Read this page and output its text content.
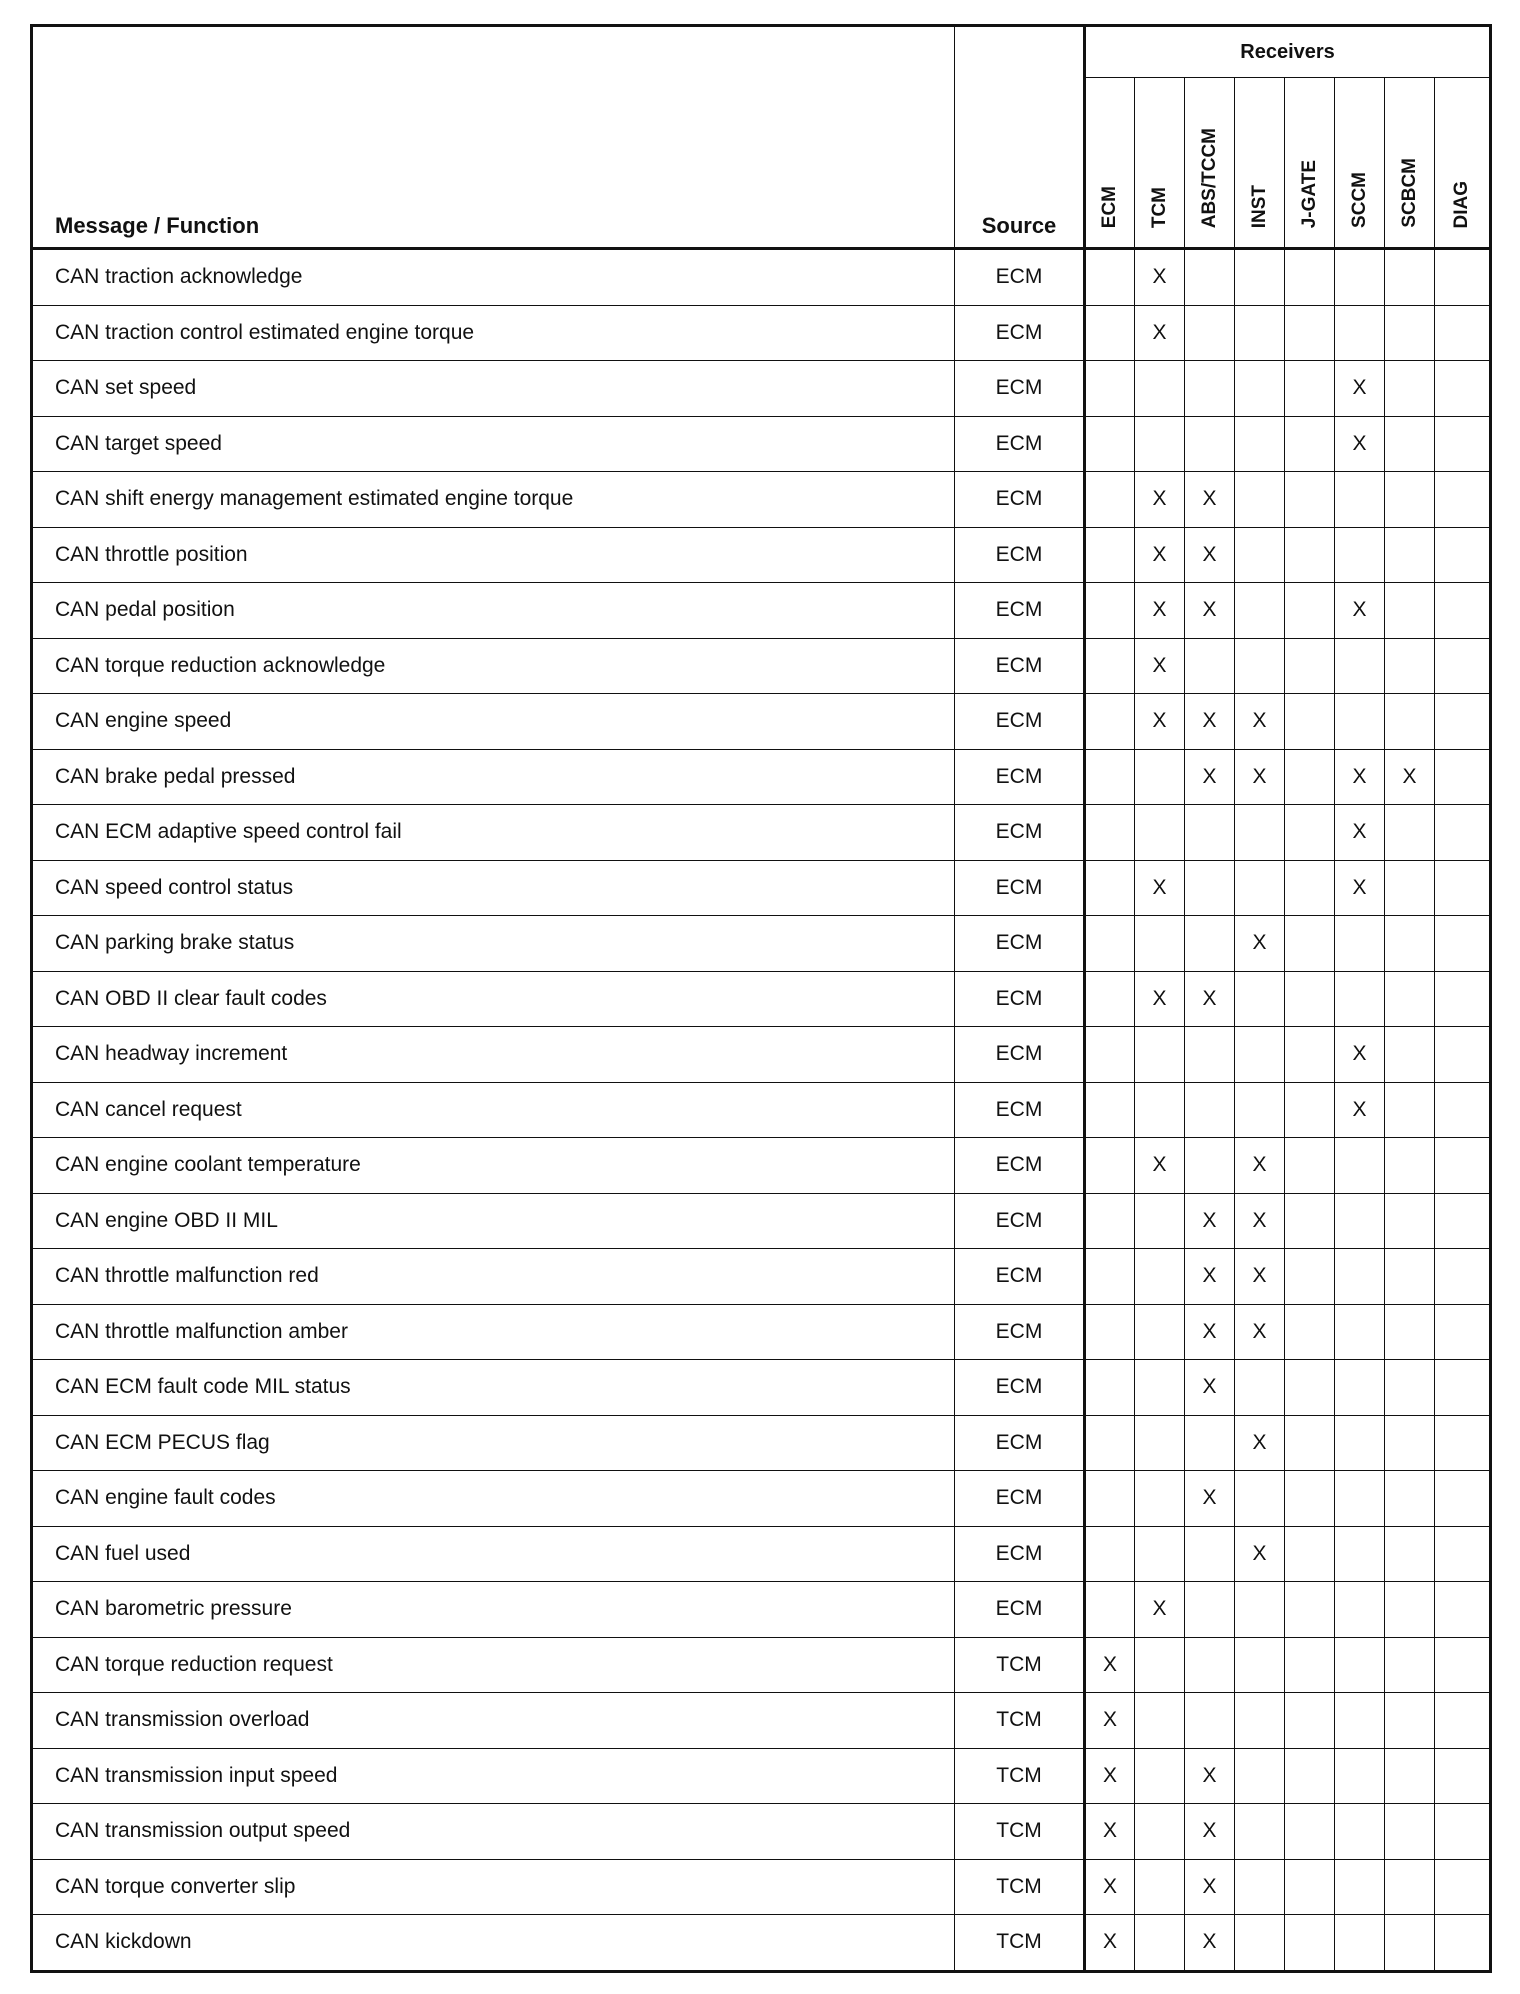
Message / Function	Source	Receivers							
		ECM	TCM	ABS/TCCM	INST	J-GATE	SCCM	SCBCM	DIAG
CAN traction acknowledge	ECM		X						
CAN traction control estimated engine torque	ECM		X						
CAN set speed	ECM						X		
CAN target speed	ECM						X		
CAN shift energy management estimated engine torque	ECM		X	X					
CAN throttle position	ECM		X	X					
CAN pedal position	ECM		X	X			X		
CAN torque reduction acknowledge	ECM		X						
CAN engine speed	ECM		X	X	X				
CAN brake pedal pressed	ECM			X	X		X	X	
CAN ECM adaptive speed control fail	ECM						X		
CAN speed control status	ECM		X				X		
CAN parking brake status	ECM				X				
CAN OBD II clear fault codes	ECM		X	X					
CAN headway increment	ECM						X		
CAN cancel request	ECM						X		
CAN engine coolant temperature	ECM		X		X				
CAN engine OBD II MIL	ECM			X	X				
CAN throttle malfunction red	ECM			X	X				
CAN throttle malfunction amber	ECM			X	X				
CAN ECM fault code MIL status	ECM			X					
CAN ECM PECUS flag	ECM				X				
CAN engine fault codes	ECM			X					
CAN fuel used	ECM				X				
CAN barometric pressure	ECM		X						
CAN torque reduction request	TCM	X							
CAN transmission overload	TCM	X							
CAN transmission input speed	TCM	X		X					
CAN transmission output speed	TCM	X		X					
CAN torque converter slip	TCM	X		X					
CAN kickdown	TCM	X		X					
